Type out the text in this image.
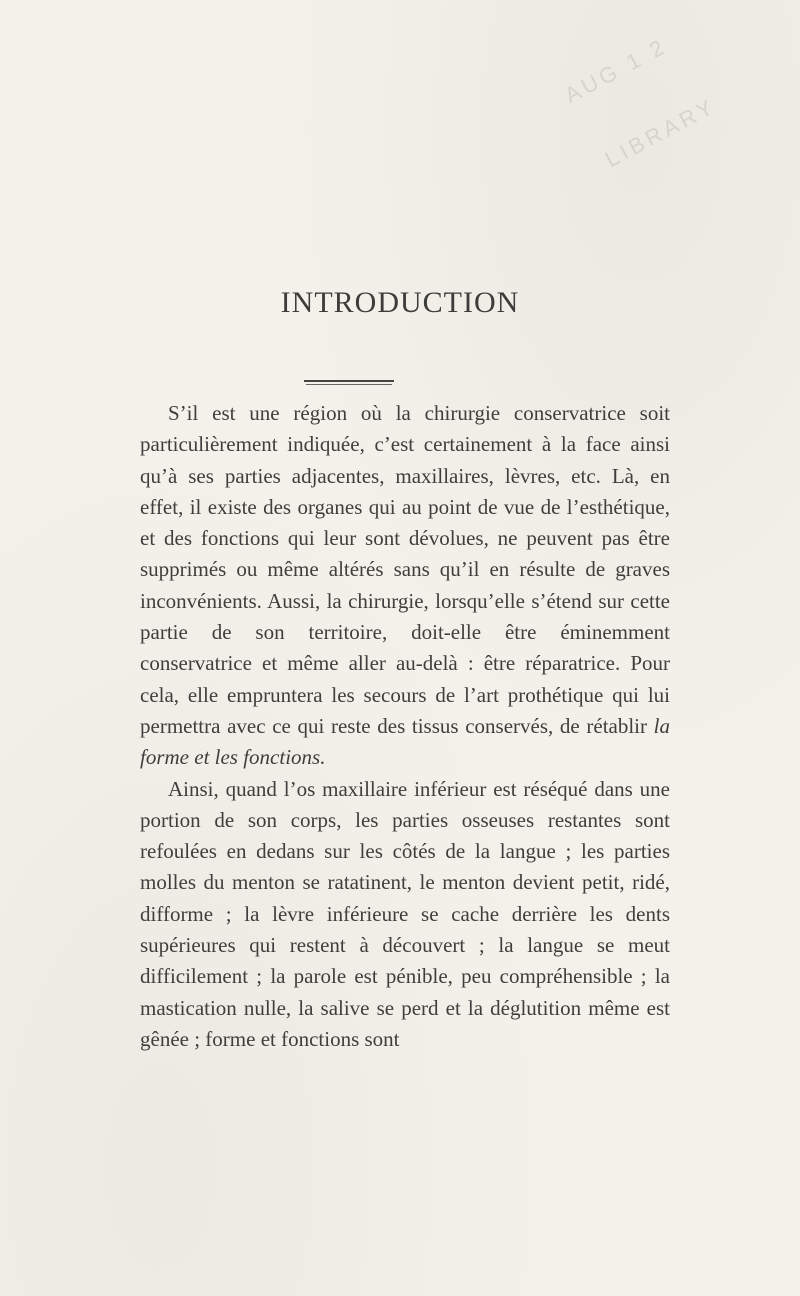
AUG 1 2
LIBRARY
INTRODUCTION

S’il est une région où la chirurgie conservatrice soit particulièrement indiquée, c’est certainement à la face ainsi qu’à ses parties adjacentes, maxillaires, lèvres, etc. Là, en effet, il existe des organes qui au point de vue de l’esthétique, et des fonctions qui leur sont dévolues, ne peuvent pas être supprimés ou même altérés sans qu’il en résulte de graves inconvénients. Aussi, la chirurgie, lorsqu’elle s’étend sur cette partie de son territoire, doit-elle être éminemment conservatrice et même aller au-delà : être réparatrice. Pour cela, elle empruntera les secours de l’art prothétique qui lui permettra avec ce qui reste des tissus conservés, de rétablir la forme et les fonctions.

Ainsi, quand l’os maxillaire inférieur est réséqué dans une portion de son corps, les parties osseuses restantes sont refoulées en dedans sur les côtés de la langue ; les parties molles du menton se ratatinent, le menton devient petit, ridé, difforme ; la lèvre inférieure se cache derrière les dents supérieures qui restent à découvert ; la langue se meut difficilement ; la parole est pénible, peu compréhensible ; la mastication nulle, la salive se perd et la déglutition même est gênée ; forme et fonctions sont
